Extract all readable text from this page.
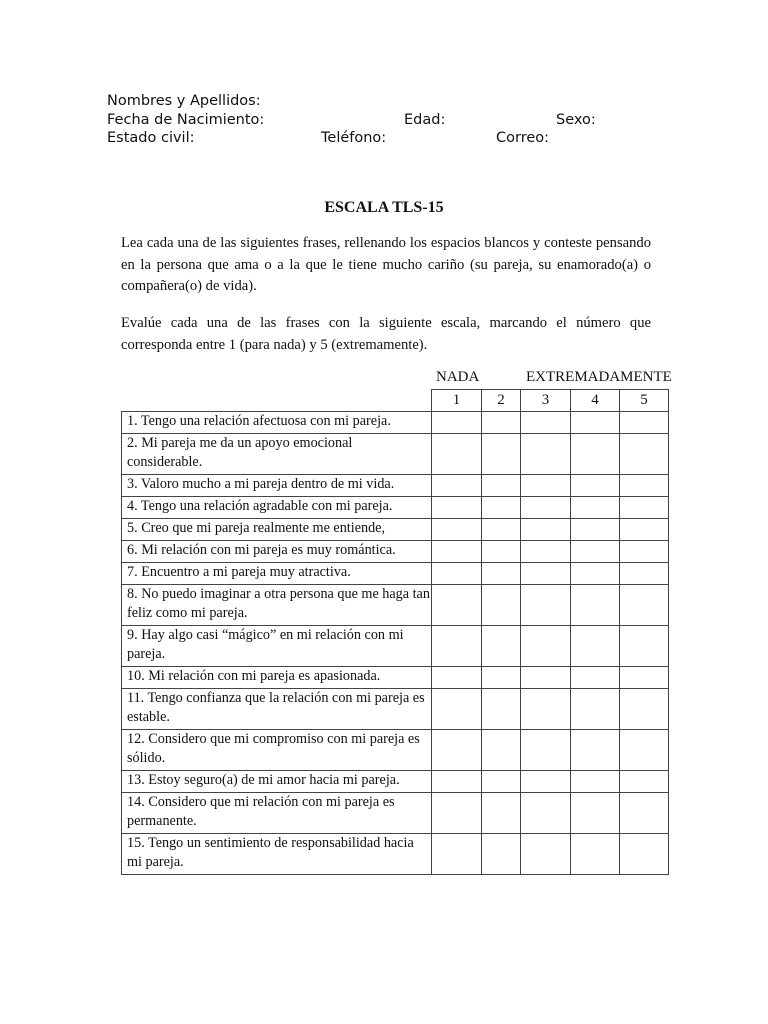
Nombres y Apellidos:
Fecha de Nacimiento:	Edad:	Sexo:
Estado civil:	Teléfono:	Correo:
ESCALA TLS-15
Lea cada una de las siguientes frases, rellenando los espacios blancos y conteste pensando en la persona que ama o a la que le tiene mucho cariño (su pareja, su enamorado(a) o compañera(o) de vida).
Evalúe cada una de las frases con la siguiente escala, marcando el número que corresponda entre 1 (para nada) y 5 (extremamente).
NADA	EXTREMADAMENTE
	1	2	3	4	5
1. Tengo una relación afectuosa con mi pareja.					
2. Mi pareja me da un apoyo emocional considerable.					
3. Valoro mucho a mi pareja dentro de mi vida.					
4. Tengo una relación agradable con mi pareja.					
5. Creo que mi pareja realmente me entiende,					
6. Mi relación con mi pareja es muy romántica.					
7. Encuentro a mi pareja muy atractiva.					
8. No puedo imaginar a otra persona que me haga tan feliz como mi pareja.					
9. Hay algo casi “mágico” en mi relación con mi pareja.					
10. Mi relación con mi pareja es apasionada.					
11. Tengo confianza que la relación con mi pareja es estable.					
12. Considero que mi compromiso con mi pareja es sólido.					
13. Estoy seguro(a) de mi amor hacia mi pareja.					
14. Considero que mi relación con mi pareja es permanente.					
15. Tengo un sentimiento de responsabilidad hacia mi pareja.					
